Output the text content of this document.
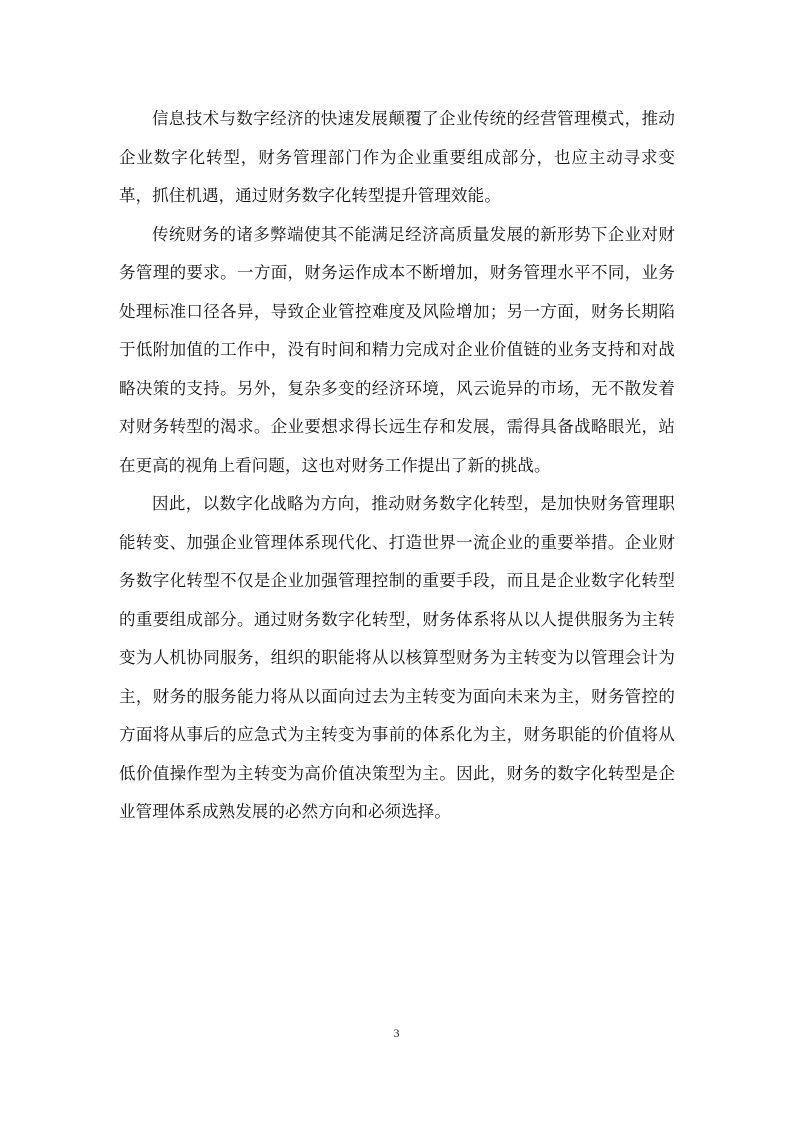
信息技术与数字经济的快速发展颠覆了企业传统的经营管理模式，推动企业数字化转型，财务管理部门作为企业重要组成部分，也应主动寻求变革，抓住机遇，通过财务数字化转型提升管理效能。

传统财务的诸多弊端使其不能满足经济高质量发展的新形势下企业对财务管理的要求。一方面，财务运作成本不断增加，财务管理水平不同，业务处理标准口径各异，导致企业管控难度及风险增加；另一方面，财务长期陷于低附加值的工作中，没有时间和精力完成对企业价值链的业务支持和对战略决策的支持。另外，复杂多变的经济环境，风云诡异的市场，无不散发着对财务转型的渴求。企业要想求得长远生存和发展，需得具备战略眼光，站在更高的视角上看问题，这也对财务工作提出了新的挑战。

因此，以数字化战略为方向，推动财务数字化转型，是加快财务管理职能转变、加强企业管理体系现代化、打造世界一流企业的重要举措。企业财务数字化转型不仅是企业加强管理控制的重要手段，而且是企业数字化转型的重要组成部分。通过财务数字化转型，财务体系将从以人提供服务为主转变为人机协同服务，组织的职能将从以核算型财务为主转变为以管理会计为主，财务的服务能力将从以面向过去为主转变为面向未来为主，财务管控的方面将从事后的应急式为主转变为事前的体系化为主，财务职能的价值将从低价值操作型为主转变为高价值决策型为主。因此，财务的数字化转型是企业管理体系成熟发展的必然方向和必须选择。

3
